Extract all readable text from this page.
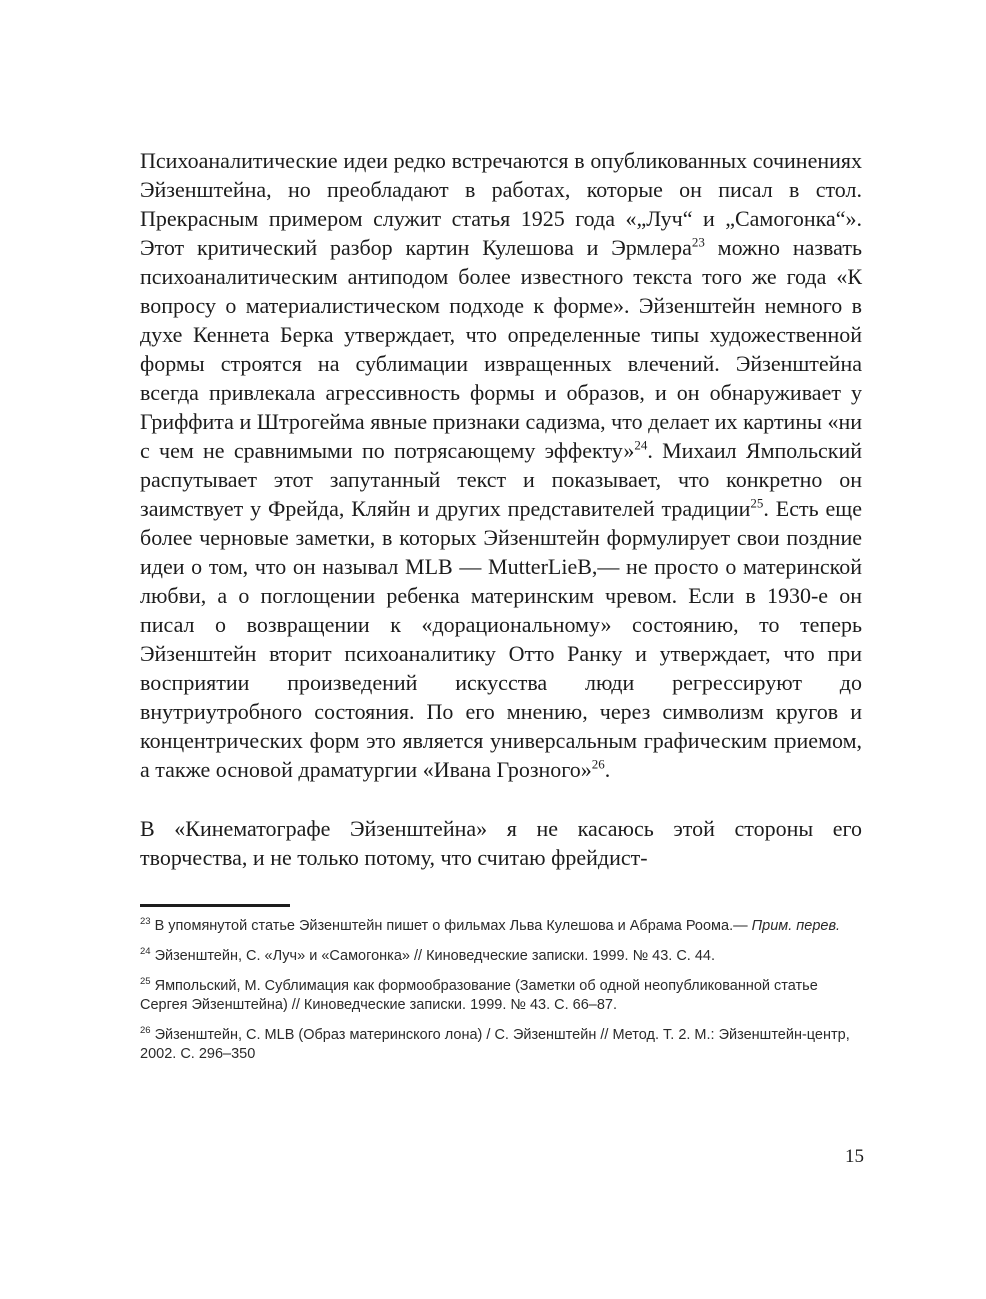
Психоаналитические идеи редко встречаются в опубликованных сочинениях Эйзенштейна, но преобладают в работах, которые он писал в стол. Прекрасным примером служит статья 1925 года «„Луч“ и „Самогонка“». Этот критический разбор картин Кулешова и Эрмлера$^{23}$ можно назвать психоаналитическим антиподом более известного текста того же года «К вопросу о материалистическом подходе к форме». Эйзенштейн немного в духе Кеннета Берка утверждает, что определенные типы художественной формы строятся на сублимации извращенных влечений. Эйзенштейна всегда привлекала агрессивность формы и образов, и он обнаруживает у Гриффита и Штрогейма явные признаки садизма, что делает их картины «ни с чем не сравнимыми по потрясающему эффекту»$^{24}$. Михаил Ямпольский распутывает этот запутанный текст и показывает, что конкретно он заимствует у Фрейда, Кляйн и других представителей традиции$^{25}$. Есть еще более черновые заметки, в которых Эйзенштейн формулирует свои поздние идеи о том, что он называл MLB — MutterLieB,— не просто о материнской любви, а о поглощении ребенка материнским чревом. Если в 1930-е он писал о возвращении к «дорациональному» состоянию, то теперь Эйзенштейн вторит психоаналитику Отто Ранку и утверждает, что при восприятии произведений искусства люди регрессируют до внутриутробного состояния. По его мнению, через символизм кругов и концентрических форм это является универсальным графическим приемом, а также основой драматургии «Ивана Грозного»$^{26}$.

В «Кинематографе Эйзенштейна» я не касаюсь этой стороны его творчества, и не только потому, что считаю фрейдист-

$^{23}$ В упомянутой статье Эйзенштейн пишет о фильмах Льва Кулешова и Абрама Роома.— Прим. перев.

$^{24}$ Эйзенштейн, С. «Луч» и «Самогонка» // Киноведческие записки. 1999. № 43. С. 44.

$^{25}$ Ямпольский, М. Сублимация как формообразование (Заметки об одной неопубликованной статье Сергея Эйзенштейна) // Киноведческие записки. 1999. № 43. С. 66–87.

$^{26}$ Эйзенштейн, С. MLB (Образ материнского лона) / С. Эйзенштейн // Метод. Т. 2. М.: Эйзенштейн-центр, 2002. С. 296–350

15
